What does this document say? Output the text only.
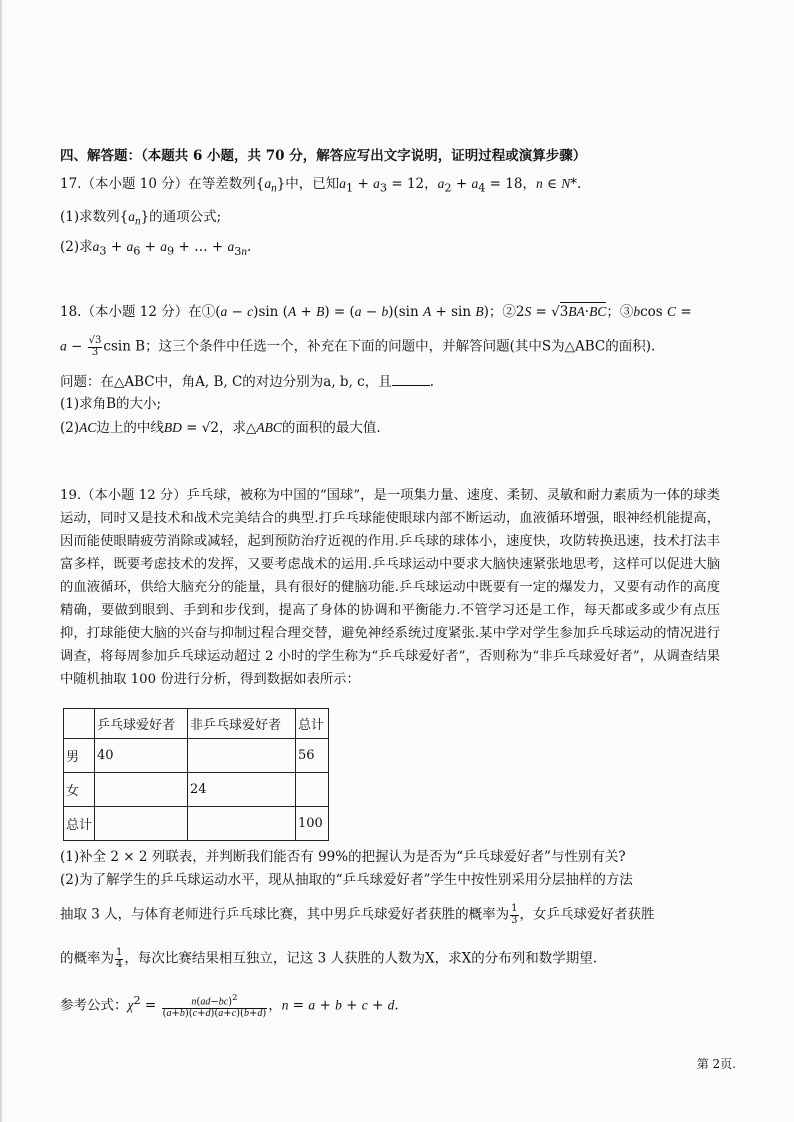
四、解答题：（本题共 6 小题，共 70 分，解答应写出文字说明，证明过程或演算步骤）
17.（本小题 10 分）在等差数列$\{a_n\}$中，已知$a_1 + a_3 = 12$，$a_2 + a_4 = 18$，n ∈ N*.
(1)求数列$\{a_n\}$的通项公式;
(2)求$a_3 + a_6 + a_9$ + … + $a_{3n}$.
18.（本小题 12 分）在①(a − c)sin (A + B) = (a − b)(sin A + sin B)；②2S = √3BA·BC；③bcos C =
$a - \frac{√3}{3}$ csin B；这三个条件中任选一个，补充在下面的问题中，并解答问题(其中S为△ABC的面积).
问题：在△ABC中，角A, B, C的对边分别为a, b, c，且	.
(1)求角B的大小;
(2)AC边上的中线BD = √2，求△ABC的面积的最大值.
19.（本小题 12 分）乒乓球，被称为中国的“国球”，是一项集力量、速度、柔韧、灵敏和耐力素质为一体的球类运动，同时又是技术和战术完美结合的典型.打乒乓球能使眼球内部不断运动，血液循环增强，眼神经机能提高，因而能使眼睛疲劳消除或减轻，起到预防治疗近视的作用.乒乓球的球体小，速度快，攻防转换迅速，技术打法丰富多样，既要考虑技术的发挥，又要考虑战术的运用.乒乓球运动中要求大脑快速紧张地思考，这样可以促进大脑的血液循环，供给大脑充分的能量，具有很好的健脑功能.乒乓球运动中既要有一定的爆发力，又要有动作的高度精确，要做到眼到、手到和步伐到，提高了身体的协调和平衡能力.不管学习还是工作，每天都或多或少有点压抑，打球能使大脑的兴奋与抑制过程合理交替，避免神经系统过度紧张.某中学对学生参加乒乓球运动的情况进行调查，将每周参加乒乓球运动超过 2 小时的学生称为“乒乓球爱好者”，否则称为“非乒乓球爱好者”，从调查结果中随机抽取 100 份进行分析，得到数据如表所示：
	乒乓球爱好者	非乒乓球爱好者	总计
男	40		56
女		24	
总计			100
(1)补全 2 × 2 列联表，并判断我们能否有 99%的把握认为是否为“乒乓球爱好者”与性别有关?
(2)为了解学生的乒乓球运动水平，现从抽取的“乒乓球爱好者”学生中按性别采用分层抽样的方法
抽取 3 人，与体育老师进行乒乓球比赛，其中男乒乓球爱好者获胜的概率为 $\frac{1}{3}$ ，女乒乓球爱好者获胜
的概率为 $\frac{1}{4}$ ，每次比赛结果相互独立，记这 3 人获胜的人数为X，求X的分布列和数学期望.
参考公式：$\chi^2 = \frac{n(ad-bc)^2}{(a+b)(c+d)(a+c)(b+d)}$ ，n = a + b + c + d.
第 2页.
